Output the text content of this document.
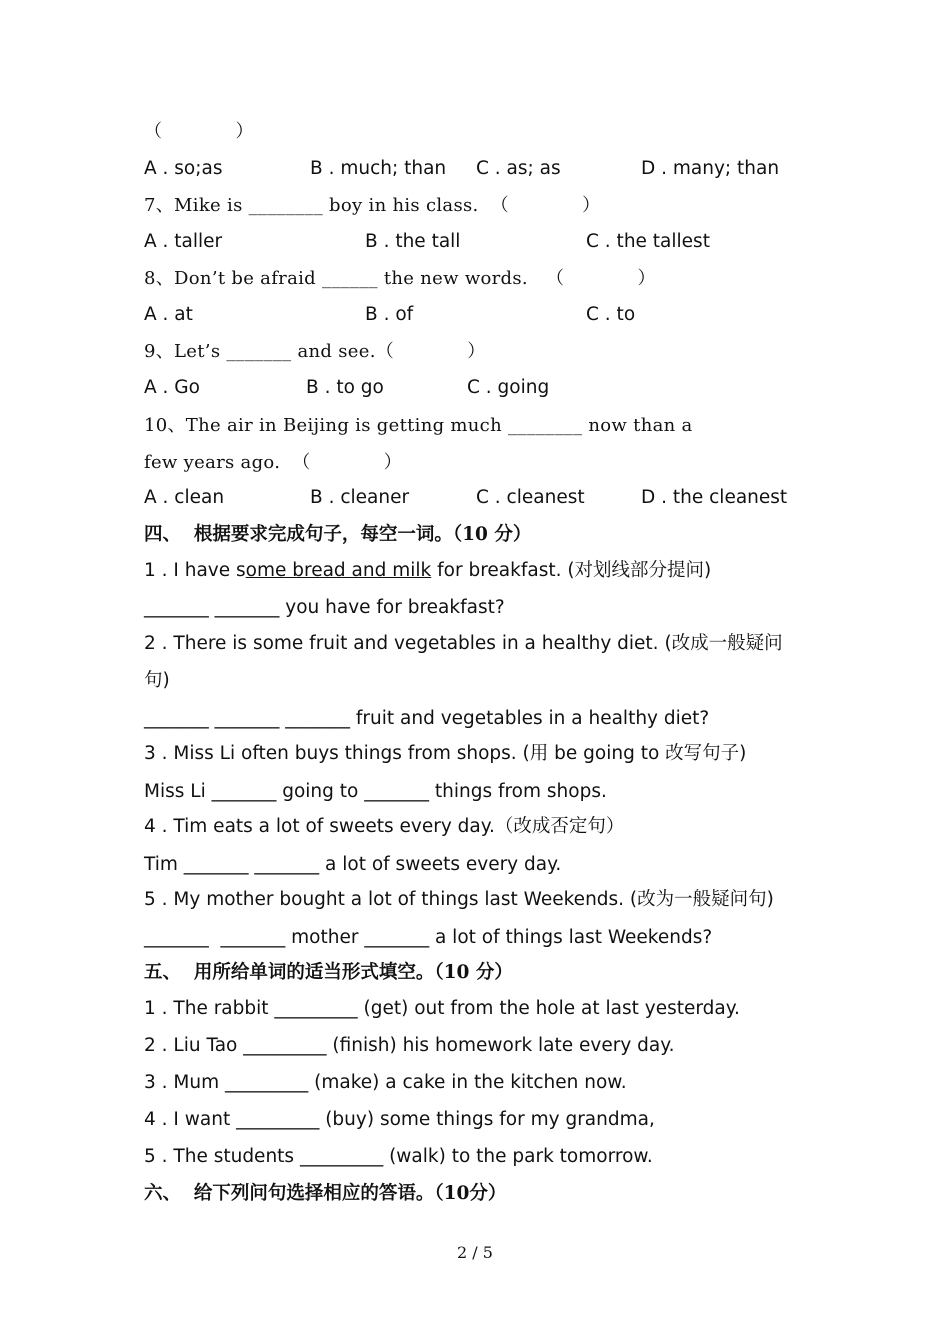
（　　　　）
A . so;as	B . much; than C . as; as	D . many; than
7、Mike is ________ boy in his class.  （　　　　）
A . taller	B . the tall	C . the tallest
8、Don’t be afraid ______ the new words.   （　　　　）
A . at	B . of	C . to
9、Let’s _______ and see.（　　　　）
A . Go	B . to go	C . going
10、The air in Beijing is getting much ________ now than a
few years ago.  （　　　　）
A . clean	B . cleaner	C . cleanest	D . the cleanest
四、  根据要求完成句子，每空一词。（10 分）
1 . I have some bread and milk for breakfast. (对划线部分提问)
_______ _______ you have for breakfast?
2 . There is some fruit and vegetables in a healthy diet. (改成一般疑问
句)
_______ _______ _______ fruit and vegetables in a healthy diet?
3 . Miss Li often buys things from shops. (用 be going to 改写句子)
Miss Li _______ going to _______ things from shops.
4 . Tim eats a lot of sweets every day.（改成否定句）
Tim _______ _______ a lot of sweets every day.
5 . My mother bought a lot of things last Weekends. (改为一般疑问句)
_______  _______ mother _______ a lot of things last Weekends?
五、  用所给单词的适当形式填空。（10 分）
1 . The rabbit _________ (get) out from the hole at last yesterday.
2 . Liu Tao _________ (finish) his homework late every day.
3 . Mum _________ (make) a cake in the kitchen now.
4 . I want _________ (buy) some things for my grandma,
5 . The students _________ (walk) to the park tomorrow.
六、  给下列问句选择相应的答语。（10分）
2 / 5
